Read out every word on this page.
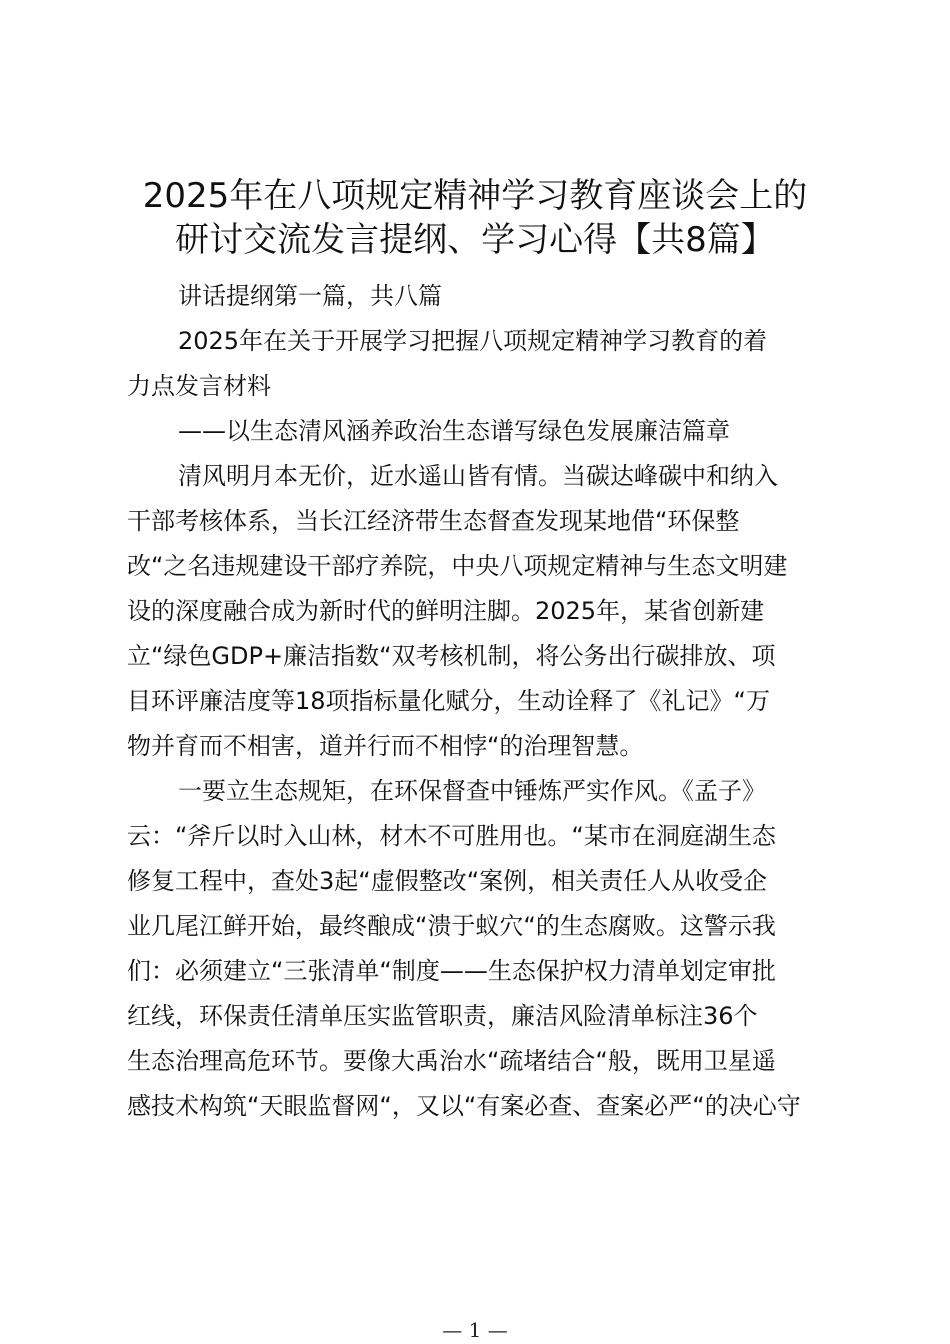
2025年在八项规定精神学习教育座谈会上的
研讨交流发言提纲、学习心得【共8篇】
讲话提纲第一篇，共八篇
2025年在关于开展学习把握八项规定精神学习教育的着
力点发言材料
——以生态清风涵养政治生态谱写绿色发展廉洁篇章
清风明月本无价，近水遥山皆有情。当碳达峰碳中和纳入
干部考核体系，当长江经济带生态督查发现某地借“环保整
改“之名违规建设干部疗养院，中央八项规定精神与生态文明建
设的深度融合成为新时代的鲜明注脚。2025年，某省创新建
立“绿色GDP+廉洁指数“双考核机制，将公务出行碳排放、项
目环评廉洁度等18项指标量化赋分，生动诠释了《礼记》“万
物并育而不相害，道并行而不相悖“的治理智慧。
一要立生态规矩，在环保督查中锤炼严实作风。《孟子》
云：“斧斤以时入山林，材木不可胜用也。“某市在洞庭湖生态
修复工程中，查处3起“虚假整改“案例，相关责任人从收受企
业几尾江鲜开始，最终酿成“溃于蚁穴“的生态腐败。这警示我
们：必须建立“三张清单“制度——生态保护权力清单划定审批
红线，环保责任清单压实监管职责，廉洁风险清单标注36个
生态治理高危环节。要像大禹治水“疏堵结合“般，既用卫星遥
感技术构筑“天眼监督网“，又以“有案必查、查案必严“的决心守
— 1 —
